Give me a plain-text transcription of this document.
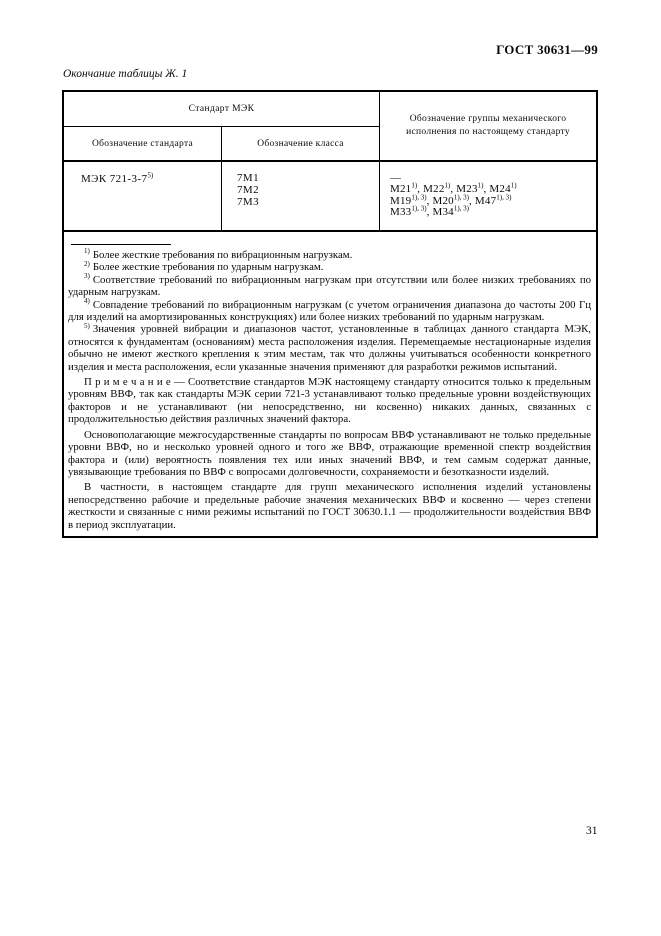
ГОСТ 30631—99
Окончание таблицы Ж. 1
Стандарт МЭК
Обозначение стандарта	Обозначение класса
Обозначение группы механического исполнения по настоящему стандарту
МЭК 721-3-7$^{5)}$	7М1
7М2
7М3
—
М21$^{1)}$, М22$^{1)}$, М23$^{1)}$, М24$^{1)}$
$М19^{1), 3)}$, $М20^{1), 3)}$, $М47^{1), 3)}$
$М33^{1), 3)}$, $М34^{1), 3)}$

$^{1)}$ Более жесткие требования по вибрационным нагрузкам.

$^{2)}$ Более жесткие требования по ударным нагрузкам.

$^{3)}$ Соответствие требований по вибрационным нагрузкам при отсутствии или более низких требованиях по ударным нагрузкам.

$^{4)}$ Совпадение требований по вибрационным нагрузкам (с учетом ограничения диапазона до частоты 200 Гц для изделий на амортизированных конструкциях) или более низких требований по ударным нагрузкам.

$^{5)}$ Значения уровней вибрации и диапазонов частот, установленные в таблицах данного стандарта МЭК, относятся к фундаментам (основаниям) места расположения изделия. Перемещаемые нестационарные изделия обычно не имеют жесткого крепления к этим местам, так что должны учитываться особенности конкретного изделия и места расположения, если указанные значения применяют для разработки режимов испытаний.

П р и м е ч а н и е — Соответствие стандартов МЭК настоящему стандарту относится только к предельным уровням ВВФ, так как стандарты МЭК серии 721-3 устанавливают только предельные уровни воздействующих факторов и не устанавливают (ни непосредственно, ни косвенно) никаких данных, связанных с продолжительностью действия различных значений фактора.

Основополагающие межгосударственные стандарты по вопросам ВВФ устанавливают не только предельные уровни ВВФ, но и несколько уровней одного и того же ВВФ, отражающие временной спектр воздействия фактора и (или) вероятность появления тех или иных значений ВВФ, и тем самым содержат данные, увязывающие требования по ВВФ с вопросами долговечности, сохраняемости и безотказности изделий.

В частности, в настоящем стандарте для групп механического исполнения изделий установлены непосредственно рабочие и предельные рабочие значения механических ВВФ и косвенно — через степени жесткости и связанные с ними режимы испытаний по ГОСТ 30630.1.1 — продолжительности воздействия ВВФ в период эксплуатации.

31
